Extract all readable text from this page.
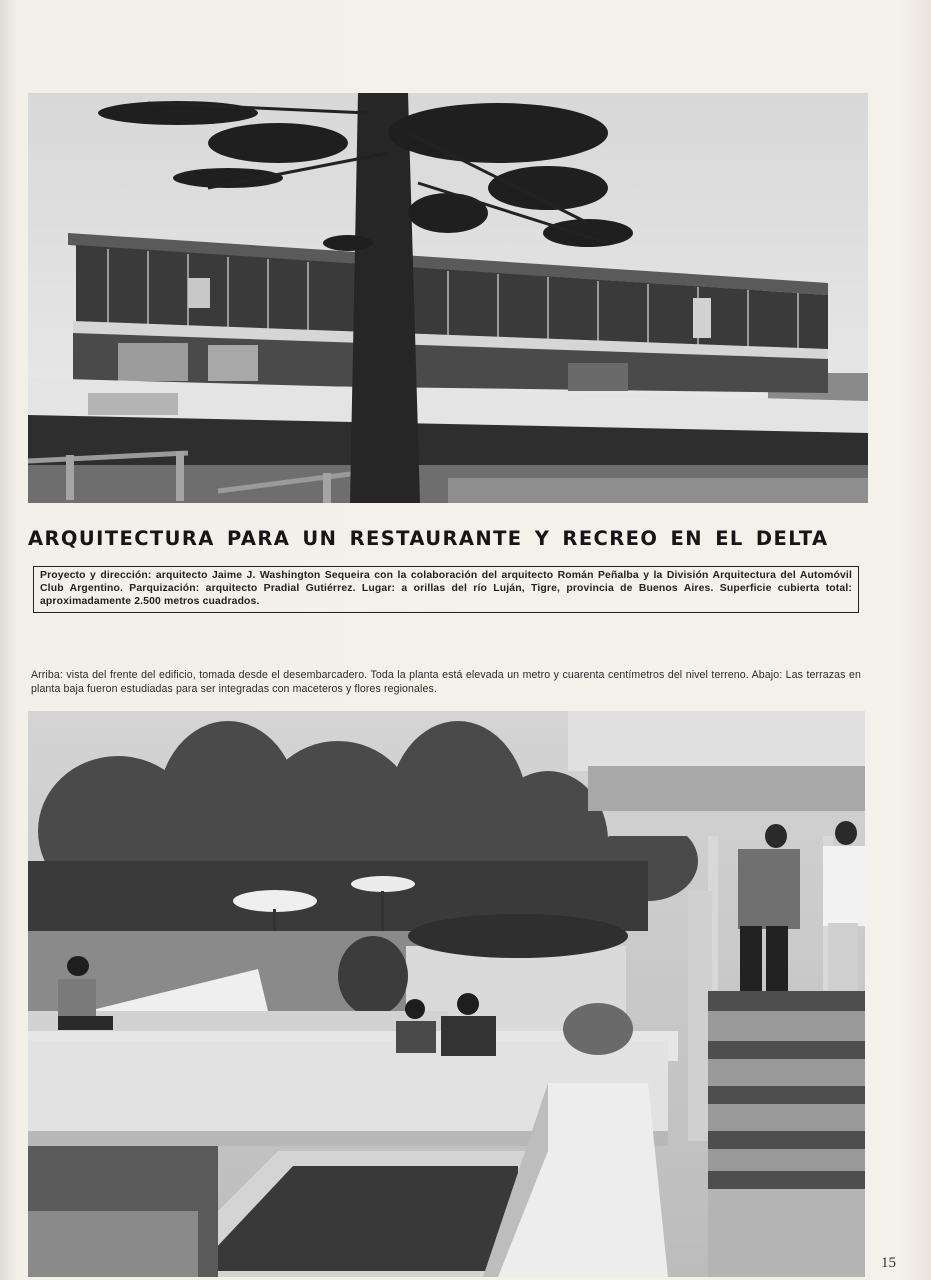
ARQUITECTURA PARA UN RESTAURANTE Y RECREO EN EL DELTA
Proyecto y dirección: arquitecto Jaime J. Washington Sequeira con la colaboración del arquitecto Román Peñalba y la División Arquitectura del Automóvil Club Argentino. Parquización: arquitecto Pradial Gutiérrez. Lugar: a orillas del río Luján, Tigre, provincia de Buenos Aires. Superficie cubierta total: aproximadamente 2.500 metros cuadrados.
Arriba: vista del frente del edificio, tomada desde el desembarcadero. Toda la planta está elevada un metro y cuarenta centímetros del nivel terreno. Abajo: Las terrazas en planta baja fueron estudiadas para ser integradas con maceteros y flores regionales.
15
